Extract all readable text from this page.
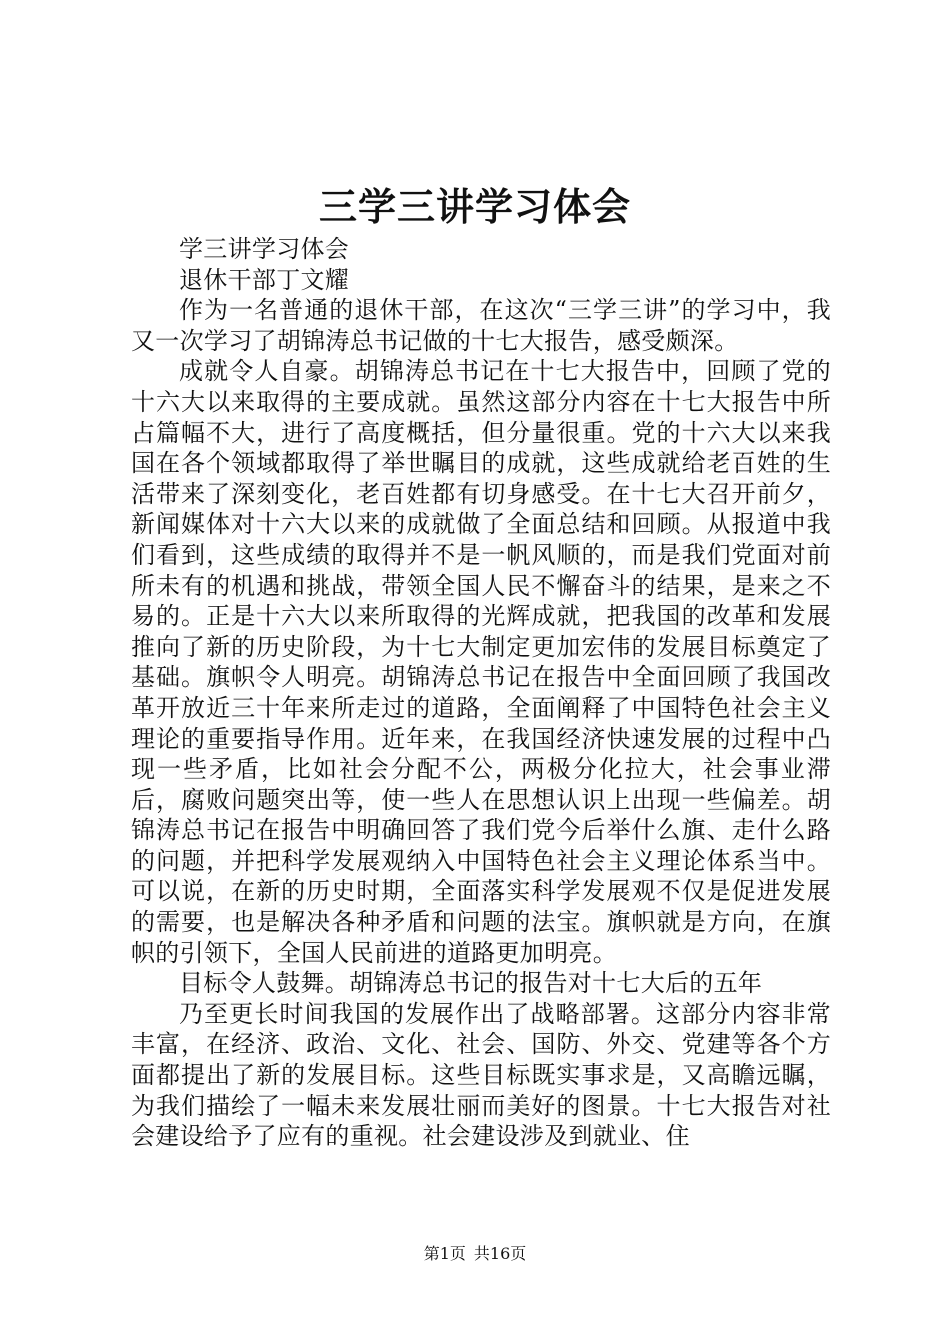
三学三讲学习体会

学三讲学习体会

退休干部丁文耀

作为一名普通的退休干部，在这次“三学三讲”的学习中，我又一次学习了胡锦涛总书记做的十七大报告，感受颇深。

成就令人自豪。胡锦涛总书记在十七大报告中，回顾了党的十六大以来取得的主要成就。虽然这部分内容在十七大报告中所占篇幅不大，进行了高度概括，但分量很重。党的十六大以来我国在各个领域都取得了举世瞩目的成就，这些成就给老百姓的生活带来了深刻变化，老百姓都有切身感受。在十七大召开前夕，新闻媒体对十六大以来的成就做了全面总结和回顾。从报道中我们看到，这些成绩的取得并不是一帆风顺的，而是我们党面对前所未有的机遇和挑战，带领全国人民不懈奋斗的结果，是来之不易的。正是十六大以来所取得的光辉成就，把我国的改革和发展推向了新的历史阶段，为十七大制定更加宏伟的发展目标奠定了基础。旗帜令人明亮。胡锦涛总书记在报告中全面回顾了我国改革开放近三十年来所走过的道路，全面阐释了中国特色社会主义理论的重要指导作用。近年来，在我国经济快速发展的过程中凸现一些矛盾，比如社会分配不公，两极分化拉大，社会事业滞后，腐败问题突出等，使一些人在思想认识上出现一些偏差。胡锦涛总书记在报告中明确回答了我们党今后举什么旗、走什么路的问题，并把科学发展观纳入中国特色社会主义理论体系当中。可以说，在新的历史时期，全面落实科学发展观不仅是促进发展的需要，也是解决各种矛盾和问题的法宝。旗帜就是方向，在旗帜的引领下，全国人民前进的道路更加明亮。

目标令人鼓舞。胡锦涛总书记的报告对十七大后的五年

乃至更长时间我国的发展作出了战略部署。这部分内容非常丰富，在经济、政治、文化、社会、国防、外交、党建等各个方面都提出了新的发展目标。这些目标既实事求是，又高瞻远瞩，为我们描绘了一幅未来发展壮丽而美好的图景。十七大报告对社会建设给予了应有的重视。社会建设涉及到就业、住

第1页 共16页
